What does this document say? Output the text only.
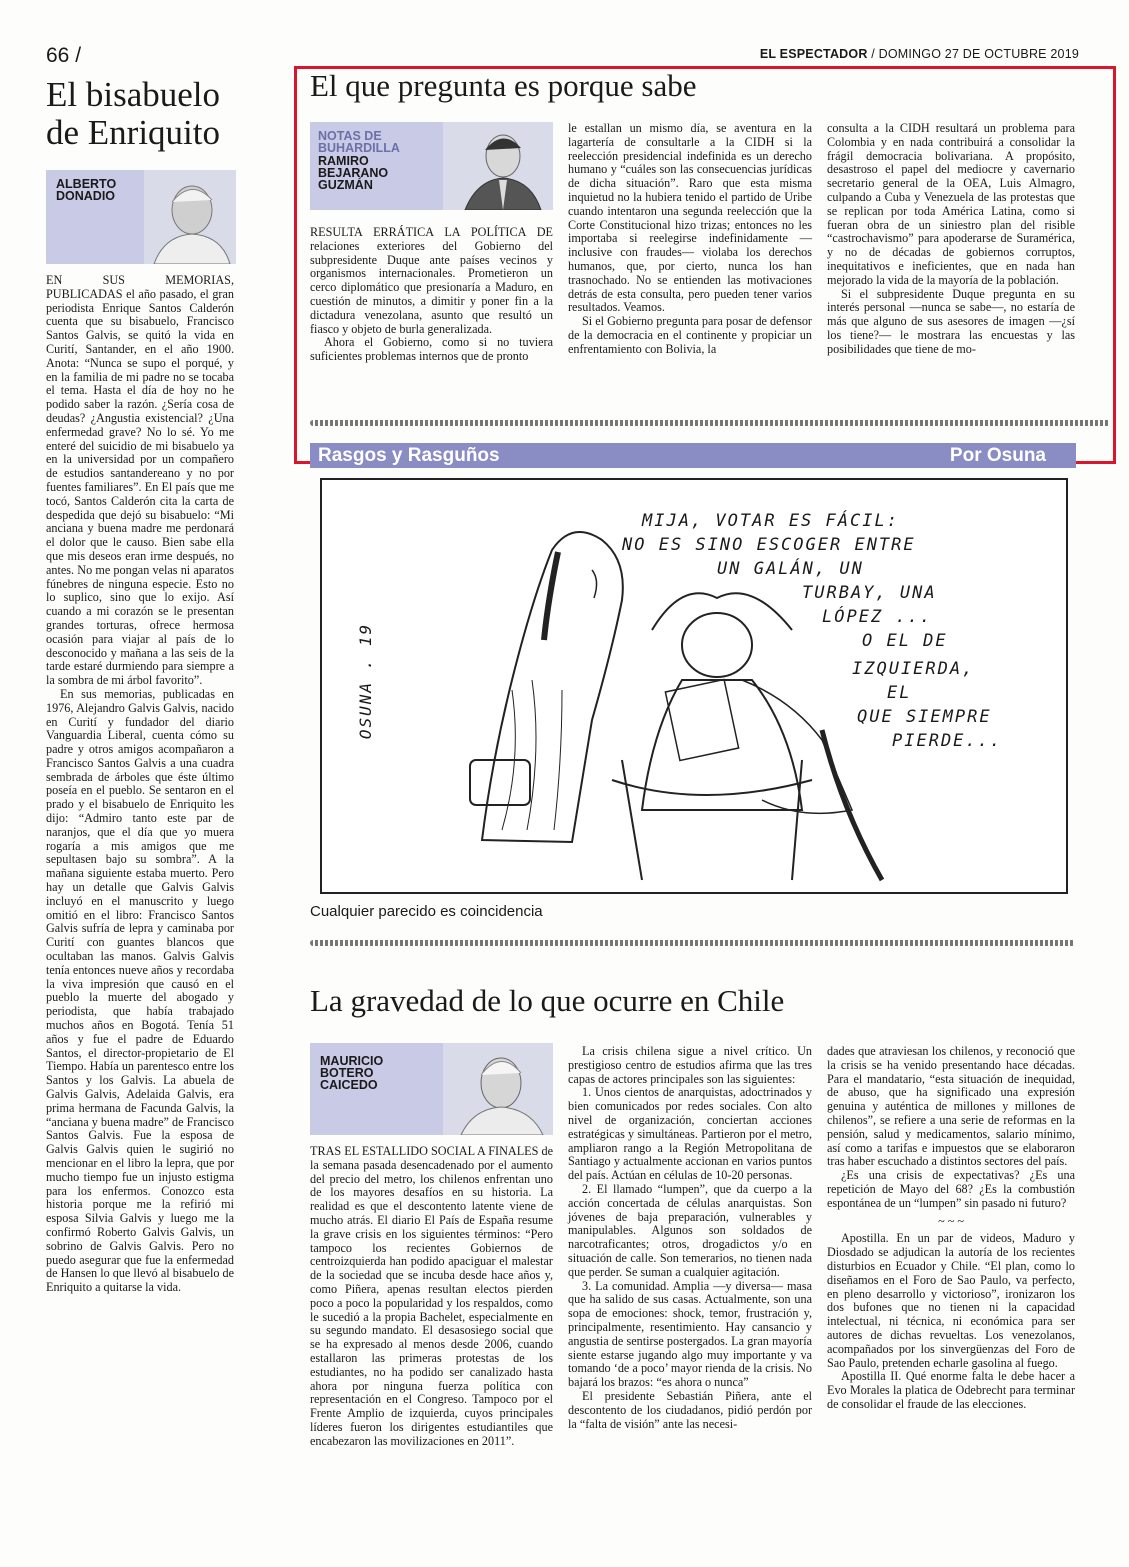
66 /	EL ESPECTADOR / DOMINGO 27 DE OCTUBRE 2019
El bisabuelo de Enriquito
ALBERTO DONADIO

EN SUS MEMORIAS, PUBLICADAS el año pasado, el gran periodista Enrique Santos Calderón cuenta que su bisabuelo, Francisco Santos Galvis, se quitó la vida en Curití, Santander, en el año 1900. Anota: “Nunca se supo el porqué, y en la familia de mi padre no se tocaba el tema. Hasta el día de hoy no he podido saber la razón. ¿Sería cosa de deudas? ¿Angustia existencial? ¿Una enfermedad grave? No lo sé. Yo me enteré del suicidio de mi bisabuelo ya en la universidad por un compañero de estudios santandereano y no por fuentes familiares”. En El país que me tocó, Santos Calderón cita la carta de despedida que dejó su bisabuelo: “Mi anciana y buena madre me perdonará el dolor que le causo. Bien sabe ella que mis deseos eran irme después, no antes. No me pongan velas ni aparatos fúnebres de ninguna especie. Esto no lo suplico, sino que lo exijo. Así cuando a mi corazón se le presentan grandes torturas, ofrece hermosa ocasión para viajar al país de lo desconocido y mañana a las seis de la tarde estaré durmiendo para siempre a la sombra de mi árbol favorito”.

En sus memorias, publicadas en 1976, Alejandro Galvis Galvis, nacido en Curití y fundador del diario Vanguardia Liberal, cuenta cómo su padre y otros amigos acompañaron a Francisco Santos Galvis a una cuadra sembrada de árboles que éste último poseía en el pueblo. Se sentaron en el prado y el bisabuelo de Enriquito les dijo: “Admiro tanto este par de naranjos, que el día que yo muera rogaría a mis amigos que me sepultasen bajo su sombra”. A la mañana siguiente estaba muerto. Pero hay un detalle que Galvis Galvis incluyó en el manuscrito y luego omitió en el libro: Francisco Santos Galvis sufría de lepra y caminaba por Curití con guantes blancos que ocultaban las manos. Galvis Galvis tenía entonces nueve años y recordaba la viva impresión que causó en el pueblo la muerte del abogado y periodista, que había trabajado muchos años en Bogotá. Tenía 51 años y fue el padre de Eduardo Santos, el director-propietario de El Tiempo. Había un parentesco entre los Santos y los Galvis. La abuela de Galvis Galvis, Adelaida Galvis, era prima hermana de Facunda Galvis, la “anciana y buena madre” de Francisco Santos Galvis. Fue la esposa de Galvis Galvis quien le sugirió no mencionar en el libro la lepra, que por mucho tiempo fue un injusto estigma para los enfermos. Conozco esta historia porque me la refirió mi esposa Silvia Galvis y luego me la confirmó Roberto Galvis Galvis, un sobrino de Galvis Galvis. Pero no puedo asegurar que fue la enfermedad de Hansen lo que llevó al bisabuelo de Enriquito a quitarse la vida.

El que pregunta es porque sabe
NOTAS DE BUHARDILLA
RAMIRO BEJARANO GUZMÁN

RESULTA ERRÁTICA LA POLÍTICA DE relaciones exteriores del Gobierno del subpresidente Duque ante países vecinos y organismos internacionales. Prometieron un cerco diplomático que presionaría a Maduro, en cuestión de minutos, a dimitir y poner fin a la dictadura venezolana, asunto que resultó un fiasco y objeto de burla generalizada.

Ahora el Gobierno, como si no tuviera suficientes problemas internos que de pronto

le estallan un mismo día, se aventura en la lagartería de consultarle a la CIDH si la reelección presidencial indefinida es un derecho humano y “cuáles son las consecuencias jurídicas de dicha situación”. Raro que esta misma inquietud no la hubiera tenido el partido de Uribe cuando intentaron una segunda reelección que la Corte Constitucional hizo trizas; entonces no les importaba si reelegirse indefinidamente —inclusive con fraudes— violaba los derechos humanos, que, por cierto, nunca los han trasnochado. No se entienden las motivaciones detrás de esta consulta, pero pueden tener varios resultados. Veamos.

Si el Gobierno pregunta para posar de defensor de la democracia en el continente y propiciar un enfrentamiento con Bolivia, la

consulta a la CIDH resultará un problema para Colombia y en nada contribuirá a consolidar la frágil democracia bolivariana. A propósito, desastroso el papel del mediocre y cavernario secretario general de la OEA, Luis Almagro, culpando a Cuba y Venezuela de las protestas que se replican por toda América Latina, como si fueran obra de un siniestro plan del risible “castrochavismo” para apoderarse de Suramérica, y no de décadas de gobiernos corruptos, inequitativos e ineficientes, que en nada han mejorado la vida de la mayoría de la población.

Si el subpresidente Duque pregunta en su interés personal —nunca se sabe—, no estaría de más que alguno de sus asesores de imagen —¿sí los tiene?— le mostrara las encuestas y las posibilidades que tiene de mo-

Rasgos y Rasguños	Por Osuna
OSUNA . 19
MIJA, VOTAR ES FÁCIL:
NO ES SINO ESCOGER ENTRE
UN GALÁN, UN
TURBAY, UNA
LÓPEZ ...
O EL DE
IZQUIERDA,
EL
QUE SIEMPRE
PIERDE...
Cualquier parecido es coincidencia
La gravedad de lo que ocurre en Chile
MAURICIO BOTERO CAICEDO

TRAS EL ESTALLIDO SOCIAL A FINALES de la semana pasada desencadenado por el aumento del precio del metro, los chilenos enfrentan uno de los mayores desafíos en su historia. La realidad es que el descontento latente viene de mucho atrás. El diario El País de España resume la grave crisis en los siguientes términos: “Pero tampoco los recientes Gobiernos de centroizquierda han podido apaciguar el malestar de la sociedad que se incuba desde hace años y, como Piñera, apenas resultan electos pierden poco a poco la popularidad y los respaldos, como le sucedió a la propia Bachelet, especialmente en su segundo mandato. El desasosiego social que se ha expresado al menos desde 2006, cuando estallaron las primeras protestas de los estudiantes, no ha podido ser canalizado hasta ahora por ninguna fuerza política con representación en el Congreso. Tampoco por el Frente Amplio de izquierda, cuyos principales líderes fueron los dirigentes estudiantiles que encabezaron las movilizaciones en 2011”.

La crisis chilena sigue a nivel crítico. Un prestigioso centro de estudios afirma que las tres capas de actores principales son las siguientes:

1. Unos cientos de anarquistas, adoctrinados y bien comunicados por redes sociales. Con alto nivel de organización, conciertan acciones estratégicas y simultáneas. Partieron por el metro, ampliaron rango a la Región Metropolitana de Santiago y actualmente accionan en varios puntos del país. Actúan en células de 10-20 personas.

2. El llamado “lumpen”, que da cuerpo a la acción concertada de células anarquistas. Son jóvenes de baja preparación, vulnerables y manipulables. Algunos son soldados de narcotraficantes; otros, drogadictos y/o en situación de calle. Son temerarios, no tienen nada que perder. Se suman a cualquier agitación.

3. La comunidad. Amplia —y diversa— masa que ha salido de sus casas. Actualmente, son una sopa de emociones: shock, temor, frustración y, principalmente, resentimiento. Hay cansancio y angustia de sentirse postergados. La gran mayoría siente estarse jugando algo muy importante y va tomando ‘de a poco’ mayor rienda de la crisis. No bajará los brazos: “es ahora o nunca”

El presidente Sebastián Piñera, ante el descontento de los ciudadanos, pidió perdón por la “falta de visión” ante las necesi-

dades que atraviesan los chilenos, y reconoció que la crisis se ha venido presentando hace décadas. Para el mandatario, “esta situación de inequidad, de abuso, que ha significado una expresión genuina y auténtica de millones y millones de chilenos”, se refiere a una serie de reformas en la pensión, salud y medicamentos, salario mínimo, así como a tarifas e impuestos que se elaboraron tras haber escuchado a distintos sectores del país.

¿Es una crisis de expectativas? ¿Es una repetición de Mayo del 68? ¿Es la combustión espontánea de un “lumpen” sin pasado ni futuro?

~ ~ ~

Apostilla. En un par de videos, Maduro y Diosdado se adjudican la autoría de los recientes disturbios en Ecuador y Chile. “El plan, como lo diseñamos en el Foro de Sao Paulo, va perfecto, en pleno desarrollo y victorioso”, ironizaron los dos bufones que no tienen ni la capacidad intelectual, ni técnica, ni económica para ser autores de dichas revueltas. Los venezolanos, acompañados por los sinvergüenzas del Foro de Sao Paulo, pretenden echarle gasolina al fuego.

Apostilla II. Qué enorme falta le debe hacer a Evo Morales la platica de Odebrecht para terminar de consolidar el fraude de las elecciones.
